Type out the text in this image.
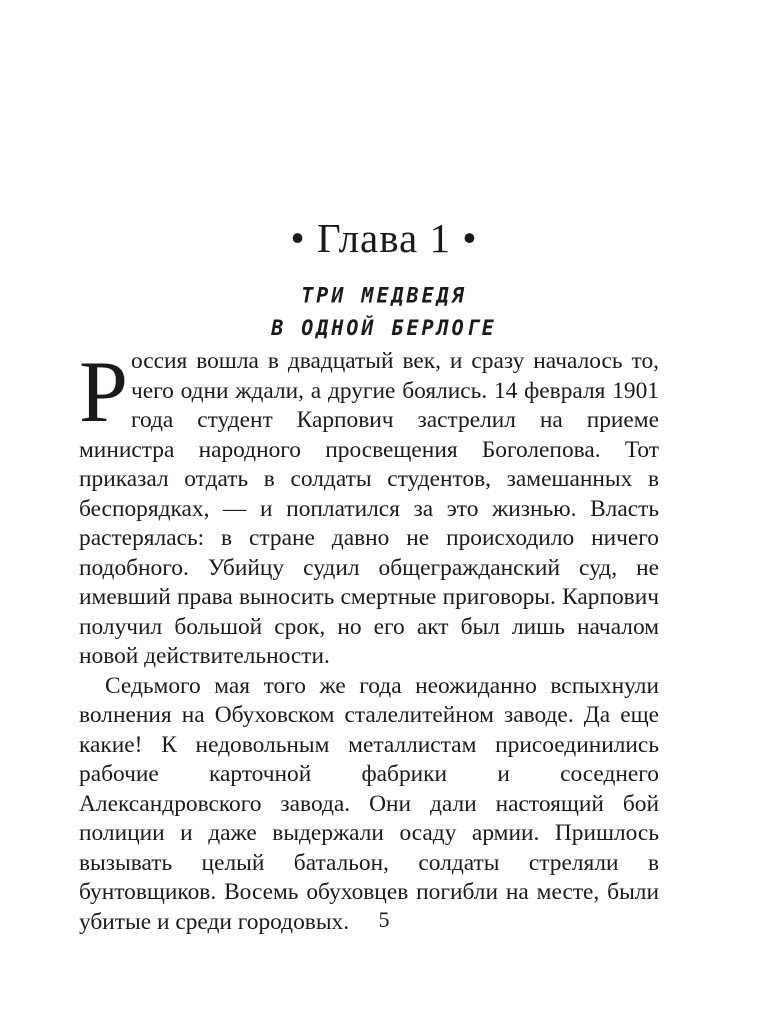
• Глава 1 •
ТРИ МЕДВЕДЯ
В ОДНОЙ БЕРЛОГЕ

Россия вошла в двадцатый век, и сразу началось то, чего одни ждали, а другие боялись. 14 февраля 1901 года студент Карпович застрелил на приеме министра народного просвещения Боголепова. Тот приказал отдать в солдаты студентов, замешанных в беспорядках, — и поплатился за это жизнью. Власть растерялась: в стране давно не происходило ничего подобного. Убийцу судил общегражданский суд, не имевший права выносить смертные приговоры. Карпович получил большой срок, но его акт был лишь началом новой действительности.

Седьмого мая того же года неожиданно вспыхнули волнения на Обуховском сталелитейном заводе. Да еще какие! К недовольным металлистам присоединились рабочие карточной фабрики и соседнего Александровского завода. Они дали настоящий бой полиции и даже выдержали осаду армии. Пришлось вызывать целый батальон, солдаты стреляли в бунтовщиков. Восемь обуховцев погибли на месте, были убитые и среди городовых.	5
